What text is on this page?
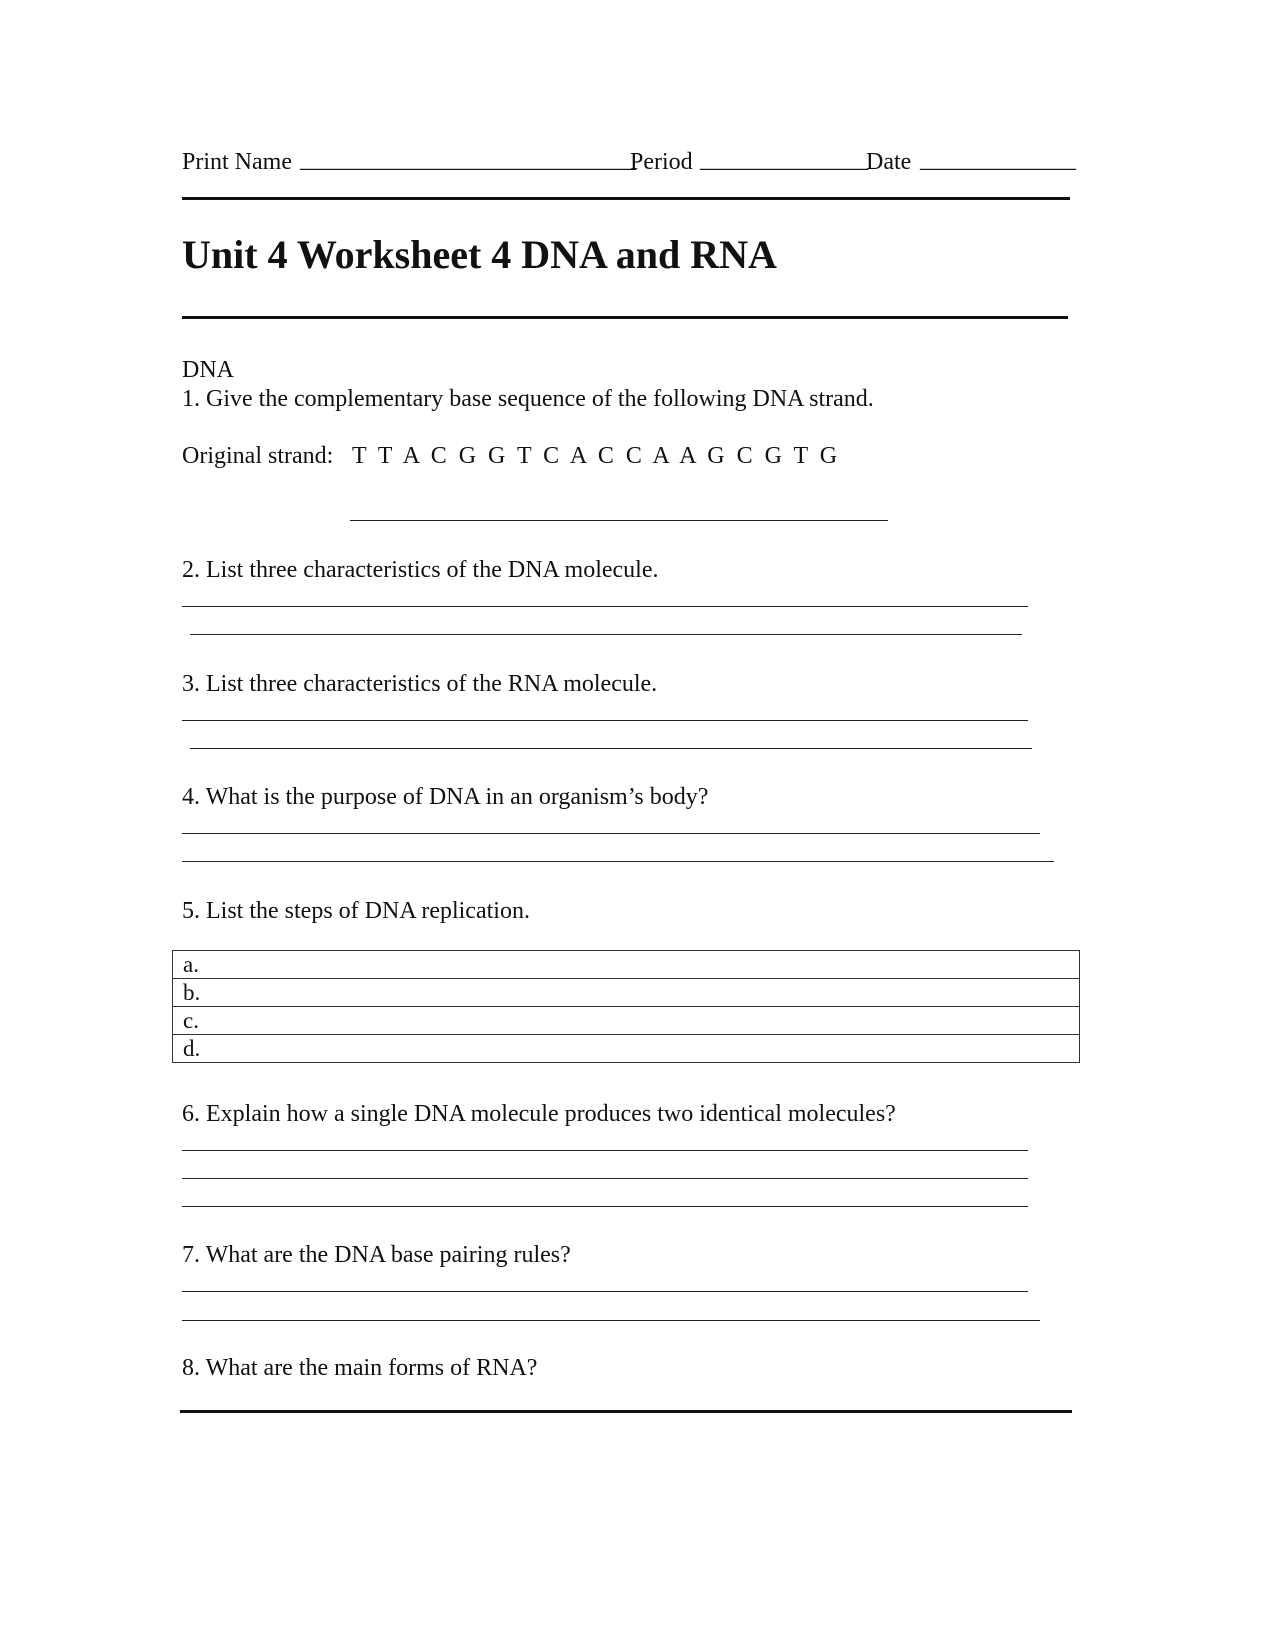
Print Name ____________________________
Period ______________
Date _____________
Unit 4 Worksheet 4 DNA and RNA
DNA
1. Give the complementary base sequence of the following DNA strand.
Original strand: T  T  A  C  G  G  T  C  A  C  C  A  A  G  C  G  T  G
2. List three characteristics of the DNA molecule.
3. List three characteristics of the RNA molecule.
4. What is the purpose of DNA in an organism’s body?
5. List the steps of DNA replication.
a.
b.
c.
d.
6. Explain how a single DNA molecule produces two identical molecules?
7. What are the DNA base pairing rules?
8. What are the main forms of RNA?
